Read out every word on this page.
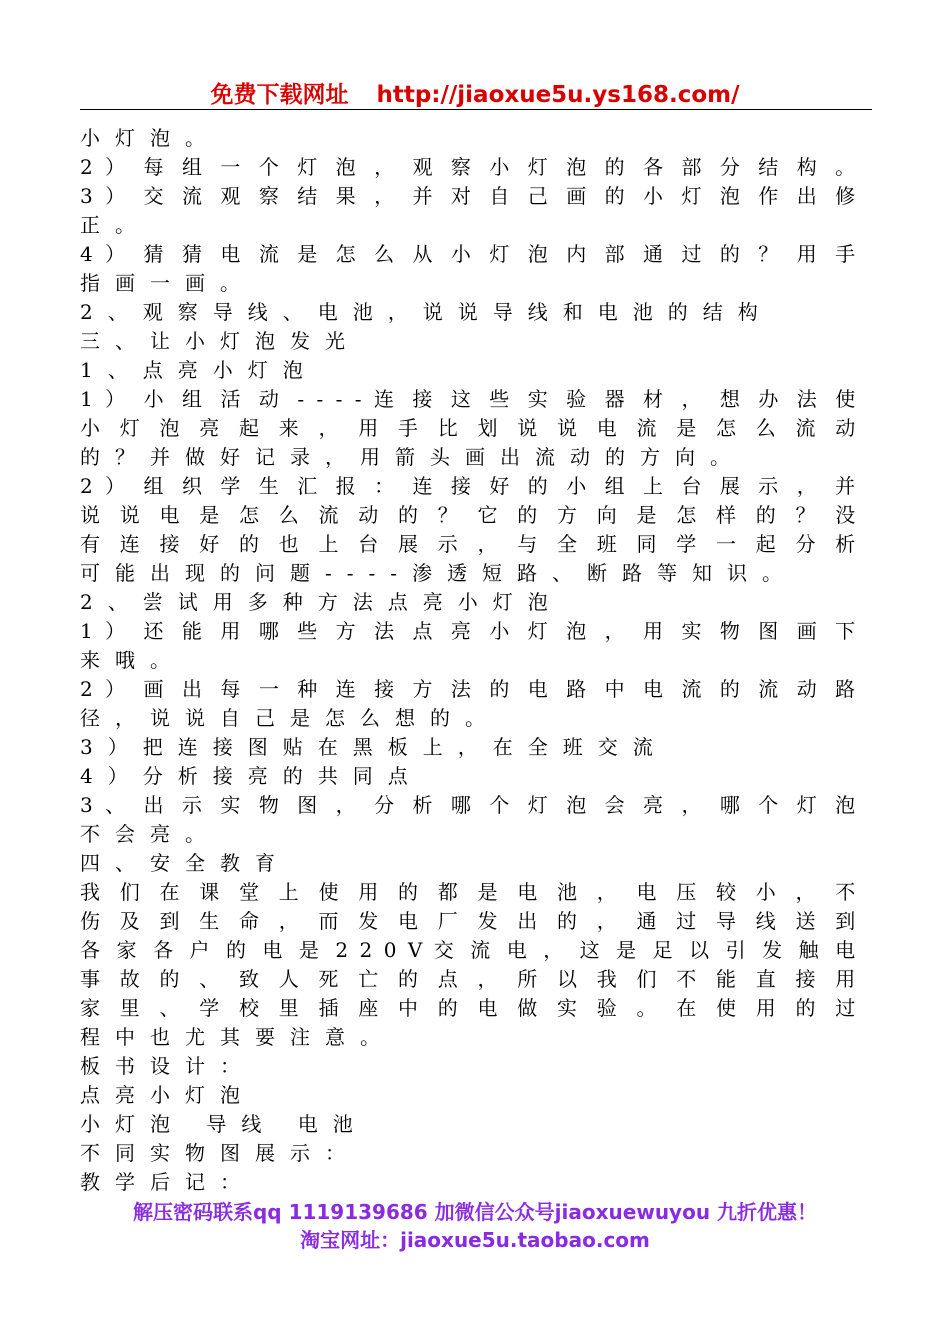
免费下载网址 http://jiaoxue5u.ys168.com/
小灯泡。
2 ） 每 组 一 个 灯 泡 ， 观 察 小 灯 泡 的 各 部 分 结 构 。
3 ） 交 流 观 察 结 果 ， 并 对 自 己 画 的 小 灯 泡 作 出 修
正。
4 ） 猜 猜 电 流 是 怎 么 从 小 灯 泡 内 部 通 过 的 ？ 用 手
指画一画。
2、观察导线、电池，说说导线和电池的结构
三、让小灯泡发光
1、点亮小灯泡
1 ） 小 组 活 动 - - - - 连 接 这 些 实 验 器 材 ， 想 办 法 使
小 灯 泡 亮 起 来 ， 用 手 比 划 说 说 电 流 是 怎 么 流 动
的？并做好记录，用箭头画出流动的方向。
2 ） 组 织 学 生 汇 报 ： 连 接 好 的 小 组 上 台 展 示 ， 并
说 说 电 是 怎 么 流 动 的 ？ 它 的 方 向 是 怎 样 的 ？ 没
有 连 接 好 的 也 上 台 展 示 ， 与 全 班 同 学 一 起 分 析
可能出现的问题----渗透短路、断路等知识。
2、尝试用多种方法点亮小灯泡
1 ） 还 能 用 哪 些 方 法 点 亮 小 灯 泡 ， 用 实 物 图 画 下
来哦。
2 ） 画 出 每 一 种 连 接 方 法 的 电 路 中 电 流 的 流 动 路
径，说说自己是怎么想的。
3）把连接图贴在黑板上，在全班交流
4）分析接亮的共同点
3 、 出 示 实 物 图 ， 分 析 哪 个 灯 泡 会 亮 ， 哪 个 灯 泡
不会亮。
四、安全教育
我 们 在 课 堂 上 使 用 的 都 是 电 池 ， 电 压 较 小 ， 不
伤 及 到 生 命 ， 而 发 电 厂 发 出 的 ， 通 过 导 线 送 到
各 家 各 户 的 电 是 2 2 0 V 交 流 电 ， 这 是 足 以 引 发 触 电
事 故 的 、 致 人 死 亡 的 点 ， 所 以 我 们 不 能 直 接 用
家 里 、 学 校 里 插 座 中 的 电 做 实 验 。 在 使 用 的 过
程中也尤其要注意。
板书设计：
点亮小灯泡
小灯泡 导线 电池
不同实物图展示：
教学后记：
解压密码联系qq 1119139686 加微信公众号jiaoxuewuyou 九折优惠！
淘宝网址：jiaoxue5u.taobao.com
